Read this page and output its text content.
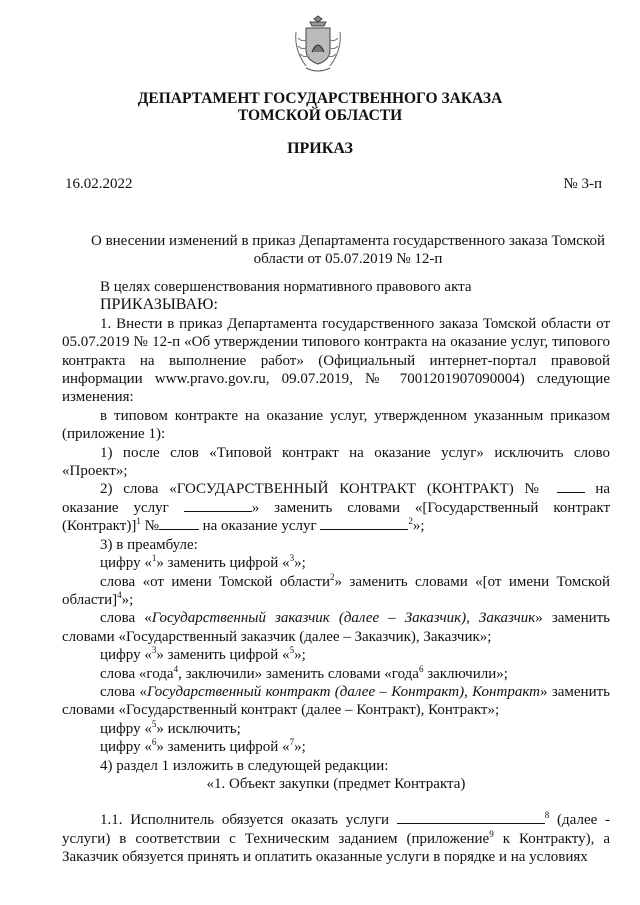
ДЕПАРТАМЕНТ ГОСУДАРСТВЕННОГО ЗАКАЗА
ТОМСКОЙ ОБЛАСТИ
ПРИКАЗ
16.02.2022	№ 3-п
О внесении изменений в приказ Департамента государственного заказа Томской
области от 05.07.2019 № 12-п

В целях совершенствования нормативного правового акта

ПРИКАЗЫВАЮ:

1. Внести в приказ Департамента государственного заказа Томской области от 05.07.2019 № 12-п «Об утверждении типового контракта на оказание услуг, типового контракта на выполнение работ» (Официальный интернет-портал правовой информации www.pravo.gov.ru, 09.07.2019, № 7001201907090004) следующие изменения:

в типовом контракте на оказание услуг, утвержденном указанным приказом (приложение 1):

1) после слов «Типовой контракт на оказание услуг» исключить слово «Проект»;

2) слова «ГОСУДАРСТВЕННЫЙ КОНТРАКТ (КОНТРАКТ) №	на оказание услуг	» заменить словами «[Государственный контракт (Контракт)]$^1$ №	на оказание услуг	$^2$»;

3) в преамбуле:

цифру «$^1$» заменить цифрой «$^3$»;

слова «от имени Томской области$^2$» заменить словами «[от имени Томской области]$^4$»;

слова «Государственный заказчик (далее – Заказчик), Заказчик» заменить словами «Государственный заказчик (далее – Заказчик), Заказчик»;

цифру «$^3$» заменить цифрой «$^5$»;

слова «года$^4$, заключили» заменить словами «года$^6$ заключили»;

слова «Государственный контракт (далее – Контракт), Контракт» заменить словами «Государственный контракт (далее – Контракт), Контракт»;

цифру «$^5$» исключить;

цифру «$^6$» заменить цифрой «$^7$»;

4) раздел 1 изложить в следующей редакции:

«1. Объект закупки (предмет Контракта)

1.1. Исполнитель обязуется оказать услуги	$^8$ (далее - услуги) в соответствии с Техническим заданием (приложение$^9$ к Контракту), а Заказчик обязуется принять и оплатить оказанные услуги в порядке и на условиях
